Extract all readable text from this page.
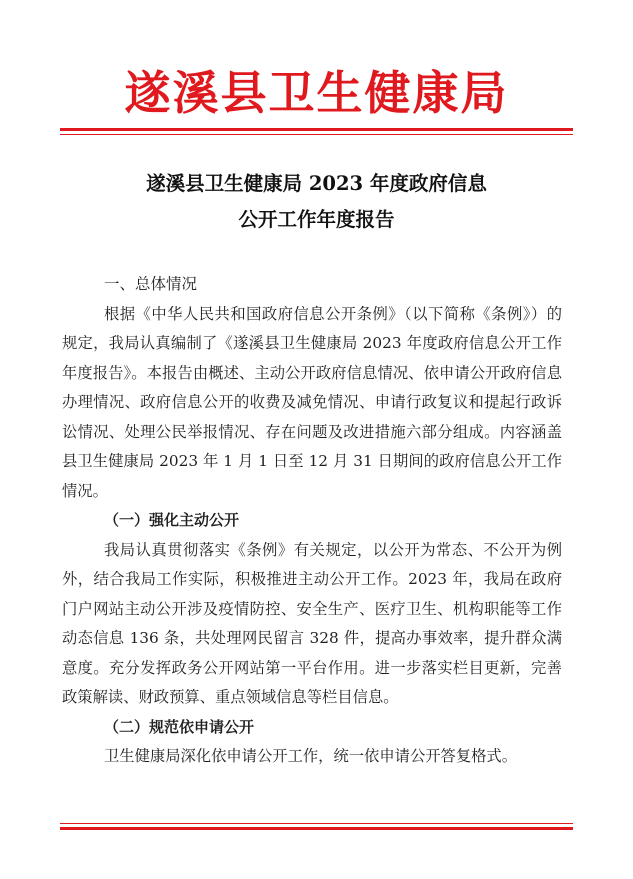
遂溪县卫生健康局
遂溪县卫生健康局 2023 年度政府信息
公开工作年度报告
一、总体情况
根据《中华人民共和国政府信息公开条例》（以下简称《条例》）的规定，我局认真编制了《遂溪县卫生健康局 2023 年度政府信息公开工作年度报告》。本报告由概述、主动公开政府信息情况、依申请公开政府信息办理情况、政府信息公开的收费及减免情况、申请行政复议和提起行政诉讼情况、处理公民举报情况、存在问题及改进措施六部分组成。内容涵盖县卫生健康局 2023 年 1 月 1 日至 12 月 31 日期间的政府信息公开工作情况。
（一）强化主动公开
我局认真贯彻落实《条例》有关规定，以公开为常态、不公开为例外，结合我局工作实际，积极推进主动公开工作。2023 年，我局在政府门户网站主动公开涉及疫情防控、安全生产、医疗卫生、机构职能等工作动态信息 136 条，共处理网民留言 328 件，提高办事效率，提升群众满意度。充分发挥政务公开网站第一平台作用。进一步落实栏目更新，完善政策解读、财政预算、重点领域信息等栏目信息。
（二）规范依申请公开
卫生健康局深化依申请公开工作，统一依申请公开答复格式。
